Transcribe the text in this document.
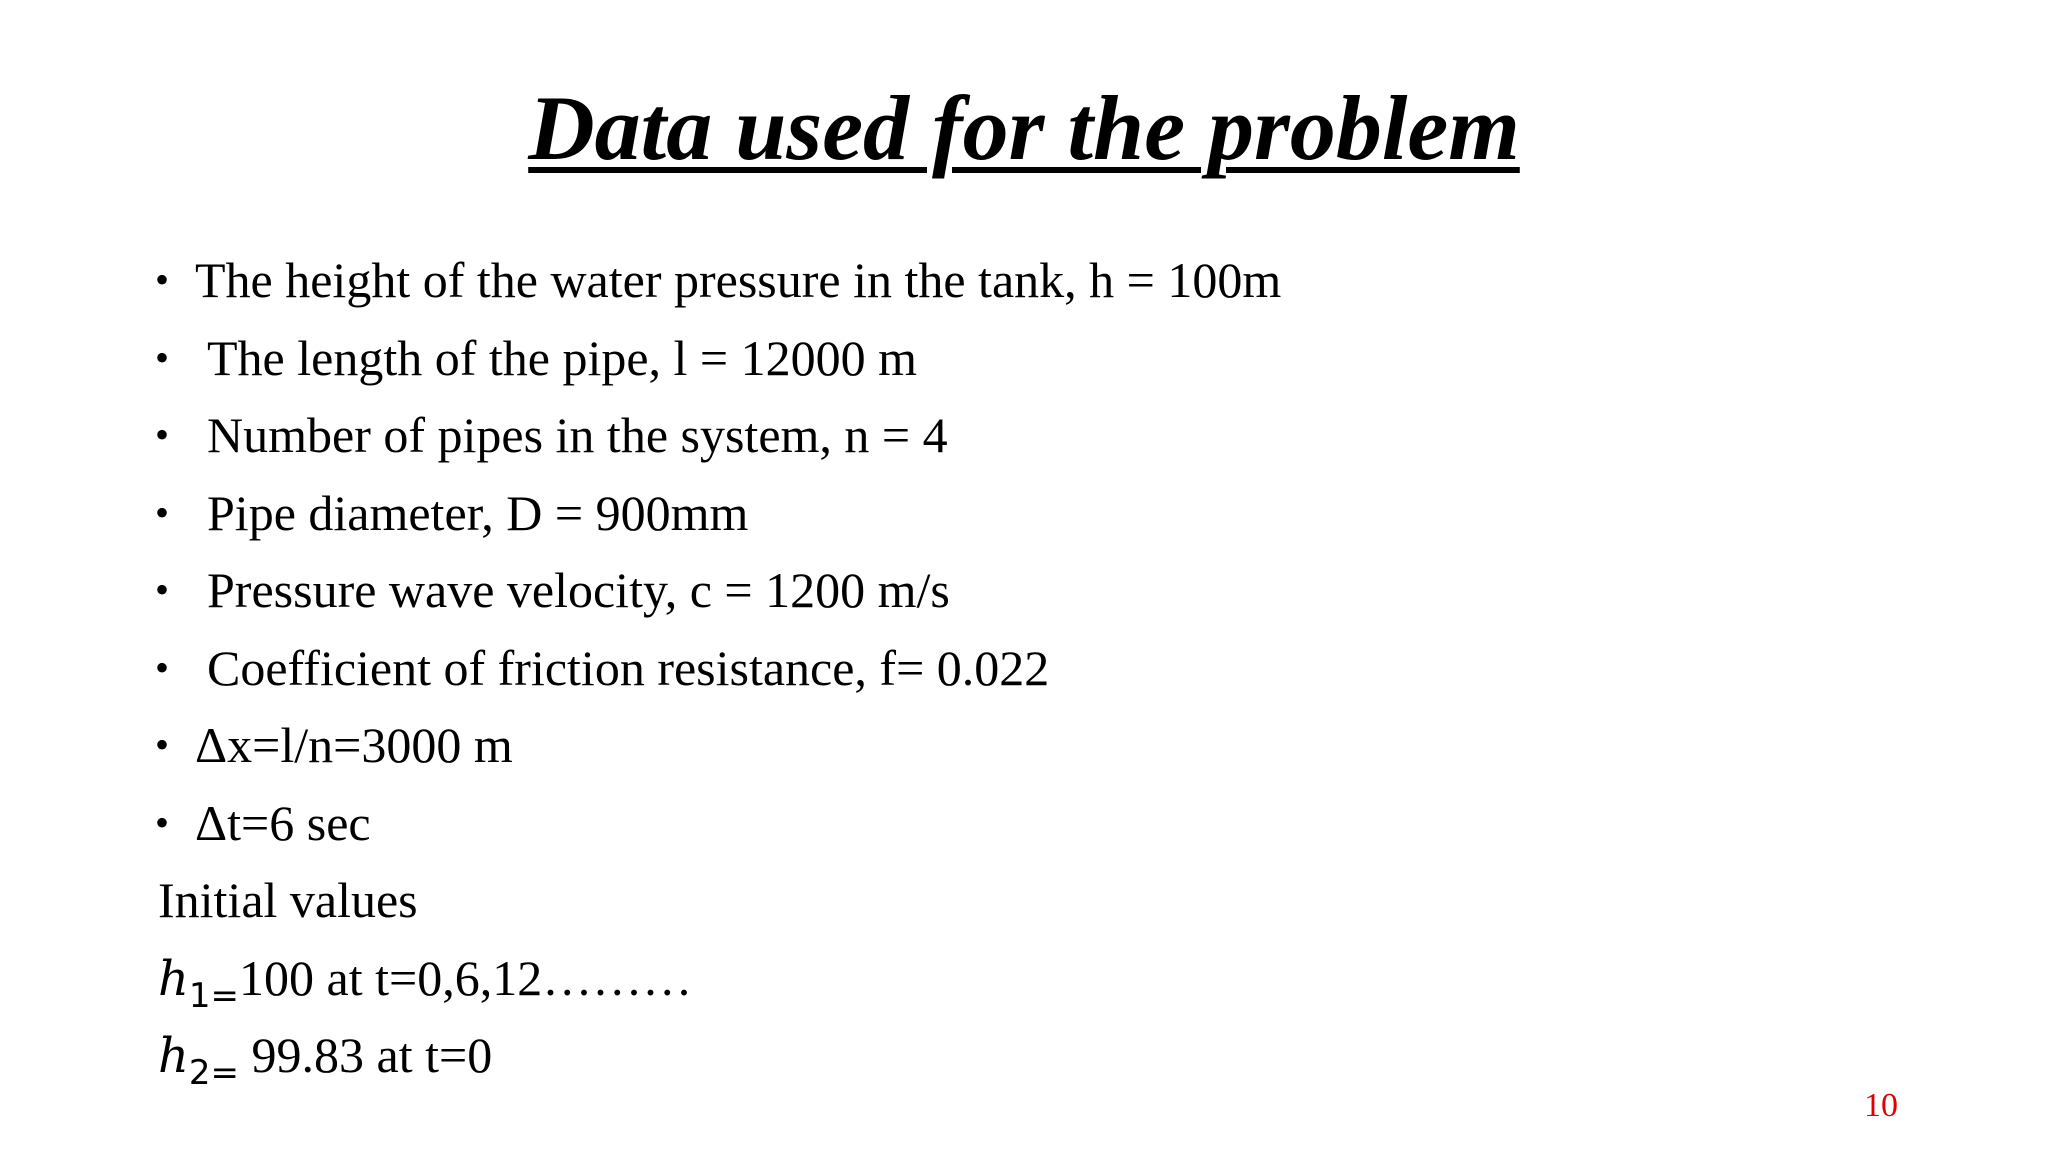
Data used for the problem
• The height of the water pressure in the tank, h = 100m
• The length of the pipe, l = 12000 m
• Number of pipes in the system, n = 4
• Pipe diameter, D = 900mm
• Pressure wave velocity, c = 1200 m/s
• Coefficient of friction resistance, f= 0.022
• Δx=l/n=3000 m
• Δt=6 sec
Initial values
$h_{1=}100$ at t=0,6,12………
$h_{2=}$ 99.83 at t=0
10
